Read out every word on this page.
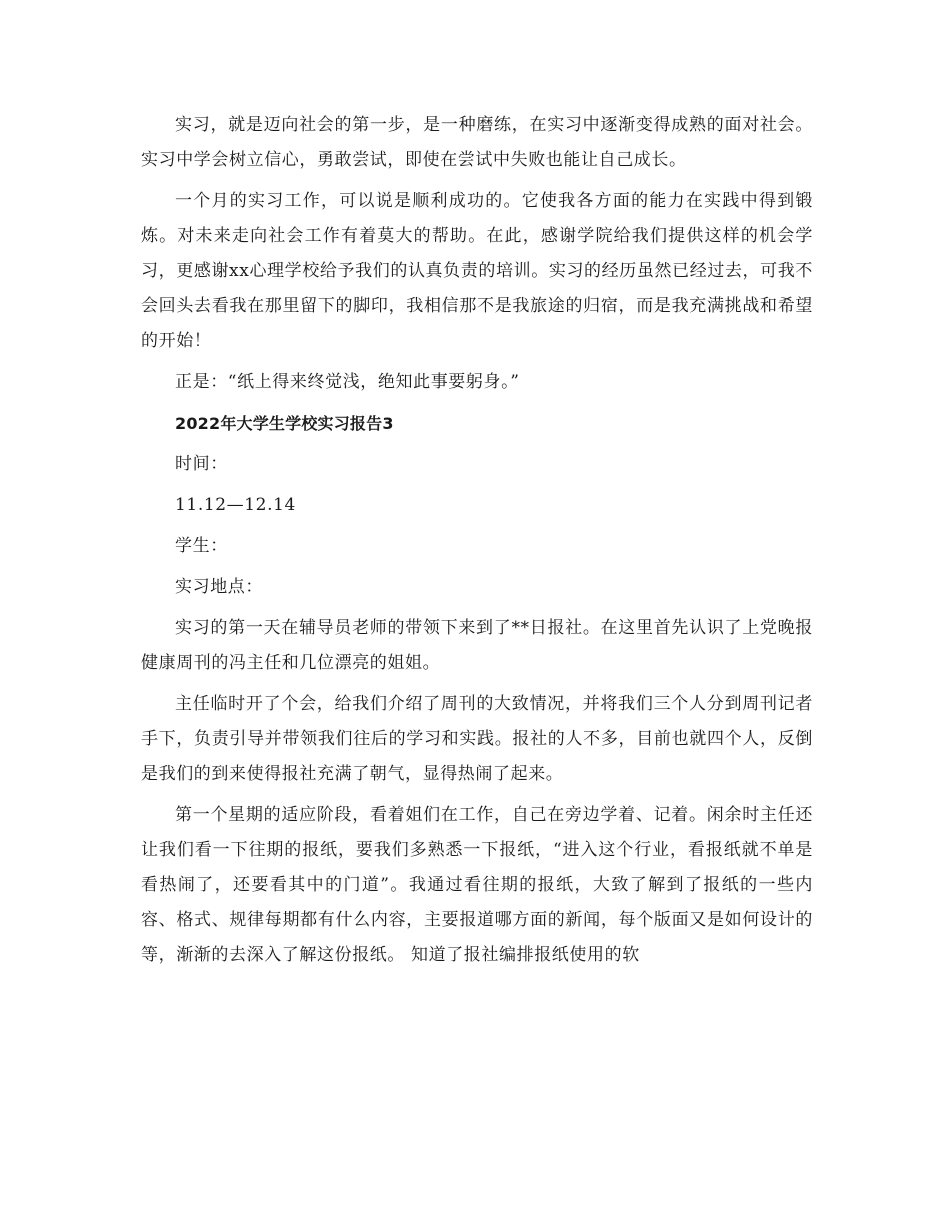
实习，就是迈向社会的第一步，是一种磨练，在实习中逐渐变得成熟的面对社会。实习中学会树立信心，勇敢尝试，即使在尝试中失败也能让自己成长。

一个月的实习工作，可以说是顺利成功的。它使我各方面的能力在实践中得到锻炼。对未来走向社会工作有着莫大的帮助。在此，感谢学院给我们提供这样的机会学习，更感谢xx心理学校给予我们的认真负责的培训。实习的经历虽然已经过去，可我不会回头去看我在那里留下的脚印，我相信那不是我旅途的归宿，而是我充满挑战和希望的开始！

正是：“纸上得来终觉浅，绝知此事要躬身。”

2022年大学生学校实习报告3

时间：

11.12—12.14

学生：

实习地点：

实习的第一天在辅导员老师的带领下来到了**日报社。在这里首先认识了上党晚报健康周刊的冯主任和几位漂亮的姐姐。

主任临时开了个会，给我们介绍了周刊的大致情况，并将我们三个人分到周刊记者手下，负责引导并带领我们往后的学习和实践。报社的人不多，目前也就四个人，反倒是我们的到来使得报社充满了朝气，显得热闹了起来。

第一个星期的适应阶段，看着姐们在工作，自己在旁边学着、记着。闲余时主任还让我们看一下往期的报纸，要我们多熟悉一下报纸，“进入这个行业，看报纸就不单是看热闹了，还要看其中的门道”。我通过看往期的报纸，大致了解到了报纸的一些内容、格式、规律每期都有什么内容，主要报道哪方面的新闻，每个版面又是如何设计的等，渐渐的去深入了解这份报纸。 知道了报社编排报纸使用的软
